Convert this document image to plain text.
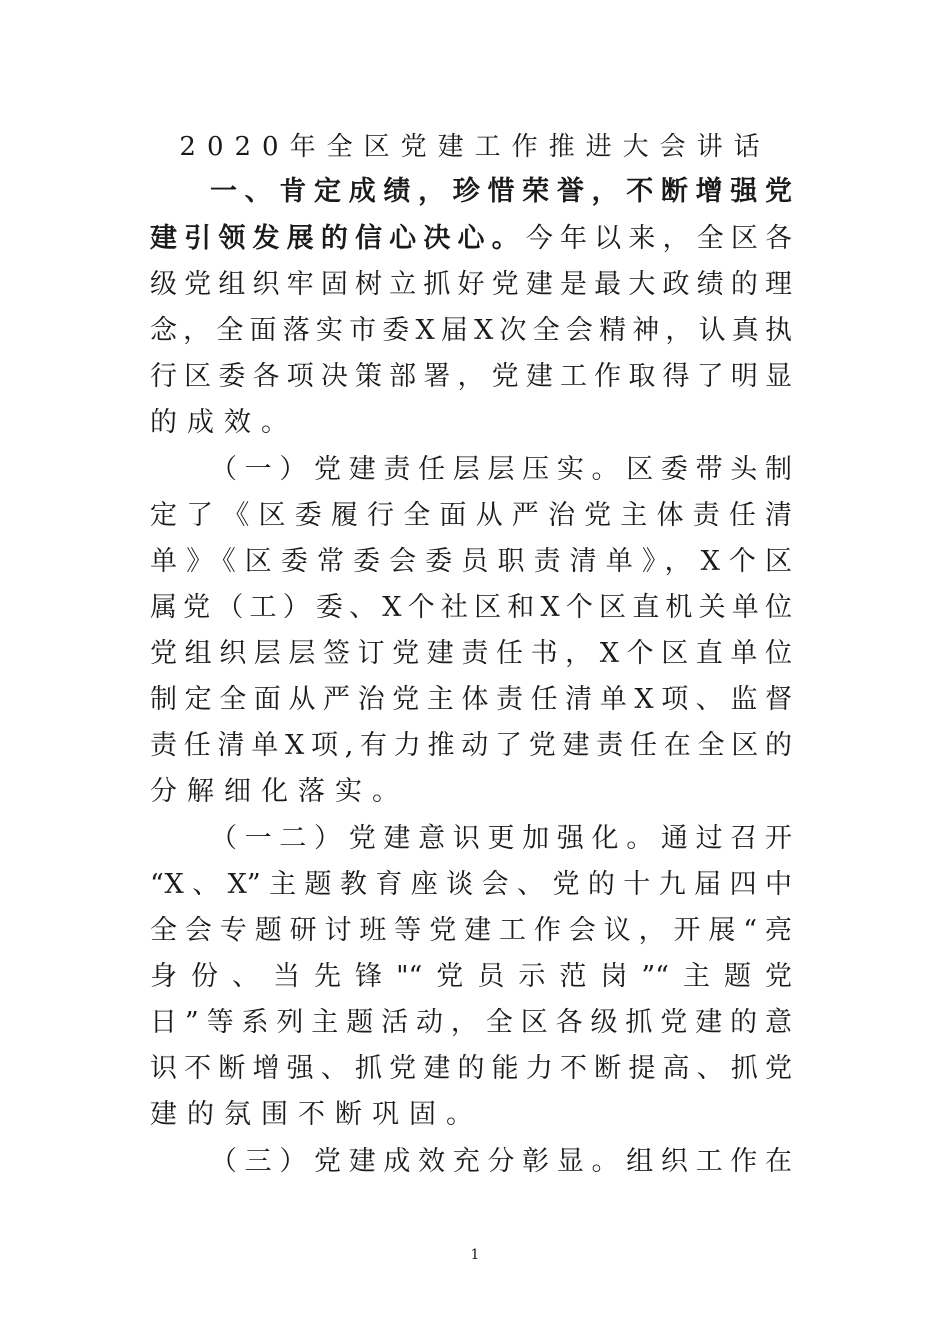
2020年全区党建工作推进大会讲话
一、肯定成绩，珍惜荣誉，不断增强党
建引领发展的信心决心。今年以来，全区各
级党组织牢固树立抓好党建是最大政绩的理
念，全面落实市委X届X次全会精神，认真执
行区委各项决策部署，党建工作取得了明显
的成效。
（一）党建责任层层压实。区委带头制
定了《区委履行全面从严治党主体责任清
单》《区委常委会委员职责清单》，X个区
属党（工）委、X个社区和X个区直机关单位
党组织层层签订党建责任书，X个区直单位
制定全面从严治党主体责任清单X项、监督
责任清单X项,有力推动了党建责任在全区的
分解细化落实。
（一二）党建意识更加强化。通过召开
“X、X”主题教育座谈会、党的十九届四中
全会专题研讨班等党建工作会议，开展“亮
身份、当先锋"“党员示范岗”“主题党
日”等系列主题活动，全区各级抓党建的意
识不断增强、抓党建的能力不断提高、抓党
建的氛围不断巩固。
（三）党建成效充分彰显。组织工作在
1
